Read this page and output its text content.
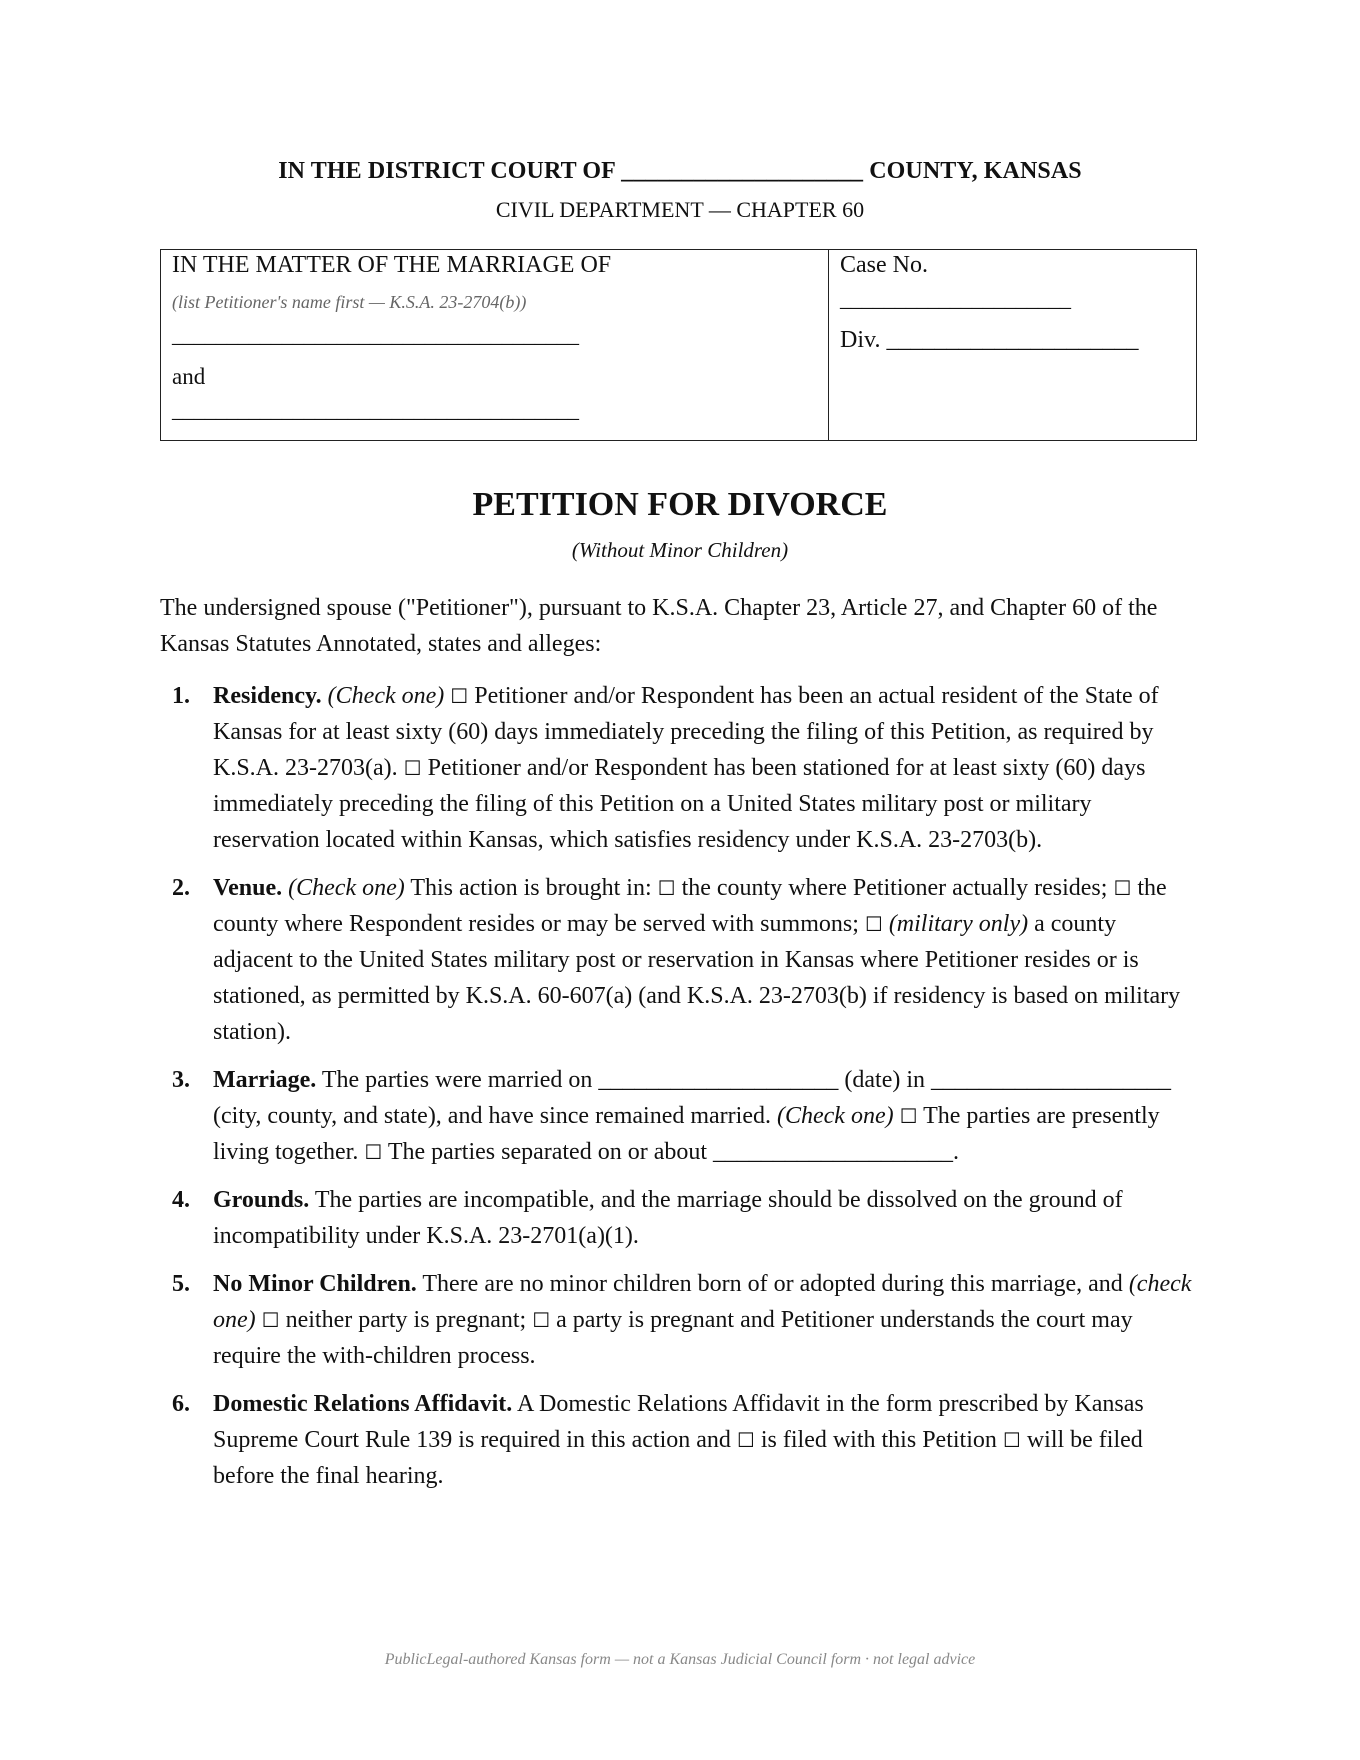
IN THE DISTRICT COURT OF ____________________ COUNTY, KANSAS
CIVIL DEPARTMENT — CHAPTER 60
IN THE MATTER OF THE MARRIAGE OF
(list Petitioner's name first — K.S.A. 23-2704(b))
_____________________________________
and
_____________________________________
Case No.
_____________________
Div. _____________________
PETITION FOR DIVORCE
(Without Minor Children)
The undersigned spouse ("Petitioner"), pursuant to K.S.A. Chapter 23, Article 27, and Chapter 60 of the Kansas Statutes Annotated, states and alleges:
1. Residency. (Check one) ☐ Petitioner and/or Respondent has been an actual resident of the State of Kansas for at least sixty (60) days immediately preceding the filing of this Petition, as required by K.S.A. 23-2703(a). ☐ Petitioner and/or Respondent has been stationed for at least sixty (60) days immediately preceding the filing of this Petition on a United States military post or military reservation located within Kansas, which satisfies residency under K.S.A. 23-2703(b).
2. Venue. (Check one) This action is brought in: ☐ the county where Petitioner actually resides; ☐ the county where Respondent resides or may be served with summons; ☐ (military only) a county adjacent to the United States military post or reservation in Kansas where Petitioner resides or is stationed, as permitted by K.S.A. 60-607(a) (and K.S.A. 23-2703(b) if residency is based on military station).
3. Marriage. The parties were married on ____________________ (date) in ____________________ (city, county, and state), and have since remained married. (Check one) ☐ The parties are presently living together. ☐ The parties separated on or about ____________________.
4. Grounds. The parties are incompatible, and the marriage should be dissolved on the ground of incompatibility under K.S.A. 23-2701(a)(1).
5. No Minor Children. There are no minor children born of or adopted during this marriage, and (check one) ☐ neither party is pregnant; ☐ a party is pregnant and Petitioner understands the court may require the with-children process.
6. Domestic Relations Affidavit. A Domestic Relations Affidavit in the form prescribed by Kansas Supreme Court Rule 139 is required in this action and ☐ is filed with this Petition ☐ will be filed before the final hearing.
PublicLegal-authored Kansas form — not a Kansas Judicial Council form · not legal advice
